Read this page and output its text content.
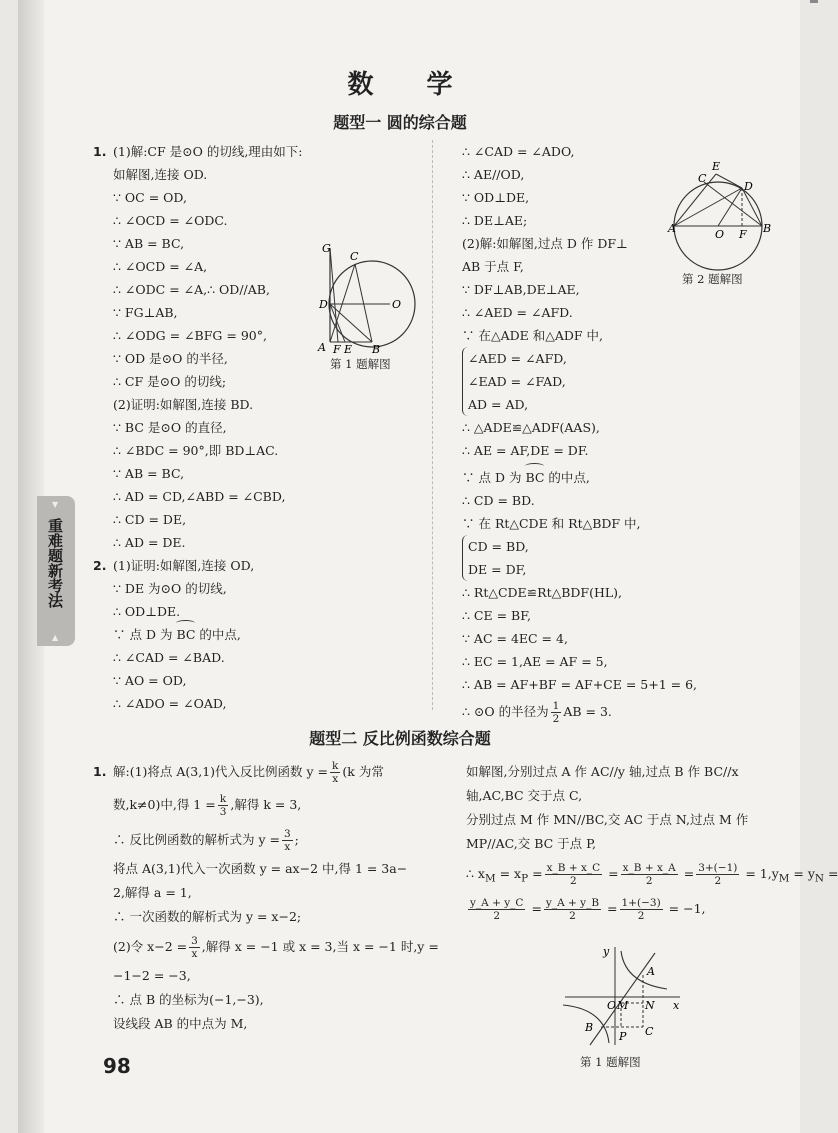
数 学
题型一 圆的综合题

1. (1)解:CF 是⊙O 的切线,理由如下:

如解图,连接 OD.

∵ OC = OD,

∴ ∠OCD = ∠ODC.

∵ AB = BC,

∴ ∠OCD = ∠A,

∴ ∠ODC = ∠A,∴ OD//AB,

∵ FG⊥AB,

∴ ∠ODG = ∠BFG = 90°,

∵ OD 是⊙O 的半径,

∴ CF 是⊙O 的切线;

(2)证明:如解图,连接 BD.

∵ BC 是⊙O 的直径,

∴ ∠BDC = 90°,即 BD⊥AC.

∵ AB = BC,

∴ AD = CD,∠ABD = ∠CBD,

∴ CD = DE,

∴ AD = DE.

2. (1)证明:如解图,连接 OD,

∵ DE 为⊙O 的切线,

∴ OD⊥DE.

∵ 点 D 为 BC 的中点,

∴ ∠CAD = ∠BAD.

∵ AO = OD,

∴ ∠ADO = ∠OAD,

G
C
D	O
A F E B
第 1 题解图

∴ ∠CAD = ∠ADO,

∴ AE//OD,

∵ OD⊥DE,

∴ DE⊥AE;

(2)解:如解图,过点 D 作 DF⊥

AB 于点 F,

∵ DF⊥AB,DE⊥AE,

∴ ∠AED = ∠AFD.

∵ 在△ADE 和△ADF 中,

∠AED = ∠AFD,

∠EAD = ∠FAD,

AD = AD,

∴ △ADE≌△ADF(AAS),

∴ AE = AF,DE = DF.

∵ 点 D 为 BC 的中点,

∴ CD = BD.

∵ 在 Rt△CDE 和 Rt△BDF 中,

CD = BD,

DE = DF,

∴ Rt△CDE≌Rt△BDF(HL),

∴ CE = BF,

∵ AC = 4EC = 4,

∴ EC = 1,AE = AF = 5,

∴ AB = AF+BF = AF+CE = 5+1 = 6,

∴ ⊙O 的半径为 $\frac{1}{2}$ AB = 3.

E
C
D
A	O F B
第 2 题解图
▼
重难题新考法
▲
题型二 反比例函数综合题

1. 解:(1)将点 A(3,1)代入反比例函数 $y = \frac{k}{x} (k$ 为常

数,k≠0)中,得 $1 = \frac{k}{3}$ ,解得 k = 3,

∴ 反比例函数的解析式为 $y = \frac{3}{x}$ ;

将点 A(3,1)代入一次函数 y = ax−2 中,得 1 = 3a−

2,解得 a = 1,

∴ 一次函数的解析式为 y = x−2;

(2)令 $x-2 = \frac{3}{x}$ ,解得 x = −1 或 x = 3,当 x = −1 时,y =

−1−2 = −3,

∴ 点 B 的坐标为(−1,−3),

设线段 AB 的中点为 M,

如解图,分别过点 A 作 AC//y 轴,过点 B 作 BC//x

轴,AC,BC 交于点 C,

分别过点 M 作 MN//BC,交 AC 于点 N,过点 M 作

MP//AC,交 BC 于点 P,

∴ $x_M = x_P = \frac{x\_B + x\_C}{2} = \frac{x\_B + x\_A}{2} = \frac{3+(-1)}{2} = 1,y_M = y_N$ =

$\frac{y\_A + y\_C}{2} = \frac{y\_A + y\_B}{2} = \frac{1+(-3)}{2} = -1$,

y
A
O M N x
B
P C
第 1 题解图
98
